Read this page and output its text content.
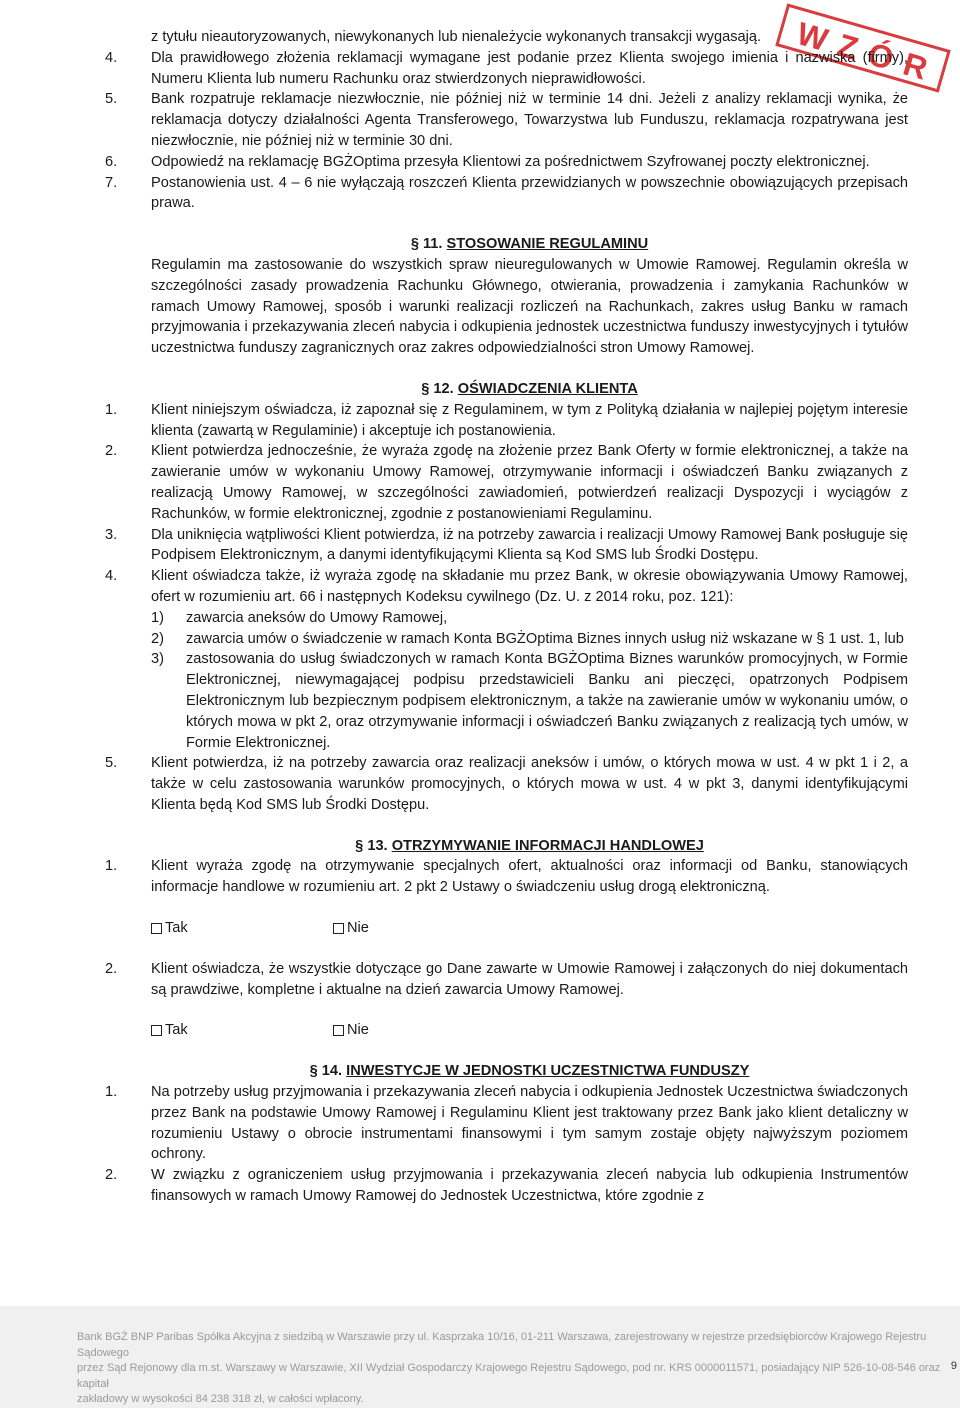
WZÓR
z tytułu nieautoryzowanych, niewykonanych lub nienależycie wykonanych transakcji wygasają.
4.	Dla prawidłowego złożenia reklamacji wymagane jest podanie przez Klienta swojego imienia i nazwiska (firmy), Numeru Klienta lub numeru Rachunku oraz stwierdzonych nieprawidłowości.
5.	Bank rozpatruje reklamacje niezwłocznie, nie później niż w terminie 14 dni. Jeżeli z analizy reklamacji wynika, że reklamacja dotyczy działalności Agenta Transferowego, Towarzystwa lub Funduszu, reklamacja rozpatrywana jest niezwłocznie, nie później niż w terminie 30 dni.
6.	Odpowiedź na reklamację BGŻOptima przesyła Klientowi za pośrednictwem Szyfrowanej poczty elektronicznej.
7.	Postanowienia ust. 4 – 6 nie wyłączają roszczeń Klienta przewidzianych w powszechnie obowiązujących przepisach prawa.
§ 11. STOSOWANIE REGULAMINU
Regulamin ma zastosowanie do wszystkich spraw nieuregulowanych w Umowie Ramowej. Regulamin określa w szczególności zasady prowadzenia Rachunku Głównego, otwierania, prowadzenia i zamykania Rachunków w ramach Umowy Ramowej, sposób i warunki realizacji rozliczeń na Rachunkach, zakres usług Banku w ramach przyjmowania i przekazywania zleceń nabycia i odkupienia jednostek uczestnictwa funduszy inwestycyjnych i tytułów uczestnictwa funduszy zagranicznych oraz zakres odpowiedzialności stron Umowy Ramowej.
§ 12. OŚWIADCZENIA KLIENTA
1.	Klient niniejszym oświadcza, iż zapoznał się z Regulaminem, w tym z Polityką działania w najlepiej pojętym interesie klienta (zawartą w Regulaminie) i akceptuje ich postanowienia.
2.	Klient potwierdza jednocześnie, że wyraża zgodę na złożenie przez Bank Oferty w formie elektronicznej, a także na zawieranie umów w wykonaniu Umowy Ramowej, otrzymywanie informacji i oświadczeń Banku związanych z realizacją Umowy Ramowej, w szczególności zawiadomień, potwierdzeń realizacji Dyspozycji i wyciągów z Rachunków, w formie elektronicznej, zgodnie z postanowieniami Regulaminu.
3.	Dla uniknięcia wątpliwości Klient potwierdza, iż na potrzeby zawarcia i realizacji Umowy Ramowej Bank posługuje się Podpisem Elektronicznym, a danymi identyfikującymi Klienta są Kod SMS lub Środki Dostępu.
4.	Klient oświadcza także, iż wyraża zgodę na składanie mu przez Bank, w okresie obowiązywania Umowy Ramowej, ofert w rozumieniu art. 66 i następnych Kodeksu cywilnego (Dz. U. z 2014 roku, poz. 121):
1)	zawarcia aneksów do Umowy Ramowej,
2)	zawarcia umów o świadczenie w ramach Konta BGŻOptima Biznes innych usług niż wskazane w § 1 ust. 1, lub
3)	zastosowania do usług świadczonych w ramach Konta BGŻOptima Biznes warunków promocyjnych, w Formie Elektronicznej, niewymagającej podpisu przedstawicieli Banku ani pieczęci, opatrzonych Podpisem Elektronicznym lub bezpiecznym podpisem elektronicznym, a także na zawieranie umów w wykonaniu umów, o których mowa w pkt 2, oraz otrzymywanie informacji i oświadczeń Banku związanych z realizacją tych umów, w Formie Elektronicznej.
5.	Klient potwierdza, iż na potrzeby zawarcia oraz realizacji aneksów i umów, o których mowa w ust. 4 w pkt 1 i 2, a także w celu zastosowania warunków promocyjnych, o których mowa w ust. 4 w pkt 3, danymi identyfikującymi Klienta będą Kod SMS lub Środki Dostępu.
§ 13. OTRZYMYWANIE INFORMACJI HANDLOWEJ
1.	Klient wyraża zgodę na otrzymywanie specjalnych ofert, aktualności oraz informacji od Banku, stanowiących informacje handlowe w rozumieniu art. 2 pkt 2 Ustawy o świadczeniu usług drogą elektroniczną.
Tak	Nie
2.	Klient oświadcza, że wszystkie dotyczące go Dane zawarte w Umowie Ramowej i załączonych do niej dokumentach są prawdziwe, kompletne i aktualne na dzień zawarcia Umowy Ramowej.
Tak	Nie
§ 14. INWESTYCJE W JEDNOSTKI UCZESTNICTWA FUNDUSZY
1.	Na potrzeby usług przyjmowania i przekazywania zleceń nabycia i odkupienia Jednostek Uczestnictwa świadczonych przez Bank na podstawie Umowy Ramowej i Regulaminu Klient jest traktowany przez Bank jako klient detaliczny w rozumieniu Ustawy o obrocie instrumentami finansowymi i tym samym zostaje objęty najwyższym poziomem ochrony.
2.	W związku z ograniczeniem usług przyjmowania i przekazywania zleceń nabycia lub odkupienia Instrumentów finansowych w ramach Umowy Ramowej do Jednostek Uczestnictwa, które zgodnie z
Bank BGŻ BNP Paribas Spółka Akcyjna z siedzibą w Warszawie przy ul. Kasprzaka 10/16, 01-211 Warszawa, zarejestrowany w rejestrze przedsiębiorców Krajowego Rejestru Sądowego
przez Sąd Rejonowy dla m.st. Warszawy w Warszawie, XII Wydział Gospodarczy Krajowego Rejestru Sądowego, pod nr. KRS 0000011571, posiadający NIP 526-10-08-546 oraz kapitał
zakładowy w wysokości 84 238 318 zł, w całości wpłacony.
9
